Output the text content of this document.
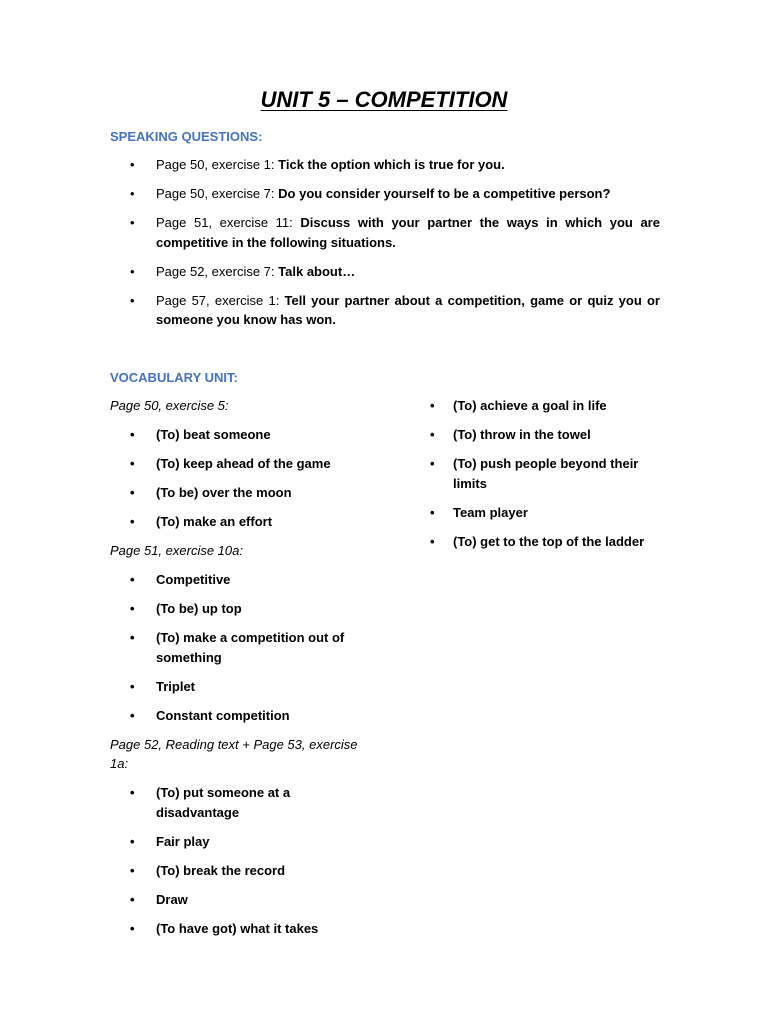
UNIT 5 – COMPETITION
SPEAKING QUESTIONS:
• Page 50, exercise 1: Tick the option which is true for you.
• Page 50, exercise 7: Do you consider yourself to be a competitive person?
• Page 51, exercise 11: Discuss with your partner the ways in which you are competitive in the following situations.
• Page 52, exercise 7: Talk about…
• Page 57, exercise 1: Tell your partner about a competition, game or quiz you or someone you know has won.
VOCABULARY UNIT:

Page 50, exercise 5:

• (To) beat someone
• (To) keep ahead of the game
• (To be) over the moon
• (To) make an effort

Page 51, exercise 10a:

• Competitive
• (To be) up top
• (To) make a competition out of something
• Triplet
• Constant competition

Page 52, Reading text + Page 53, exercise 1a:

• (To) put someone at a disadvantage
• Fair play
• (To) break the record
• Draw
• (To have got) what it takes
• (To) achieve a goal in life
• (To) throw in the towel
• (To) push people beyond their limits
• Team player
• (To) get to the top of the ladder
